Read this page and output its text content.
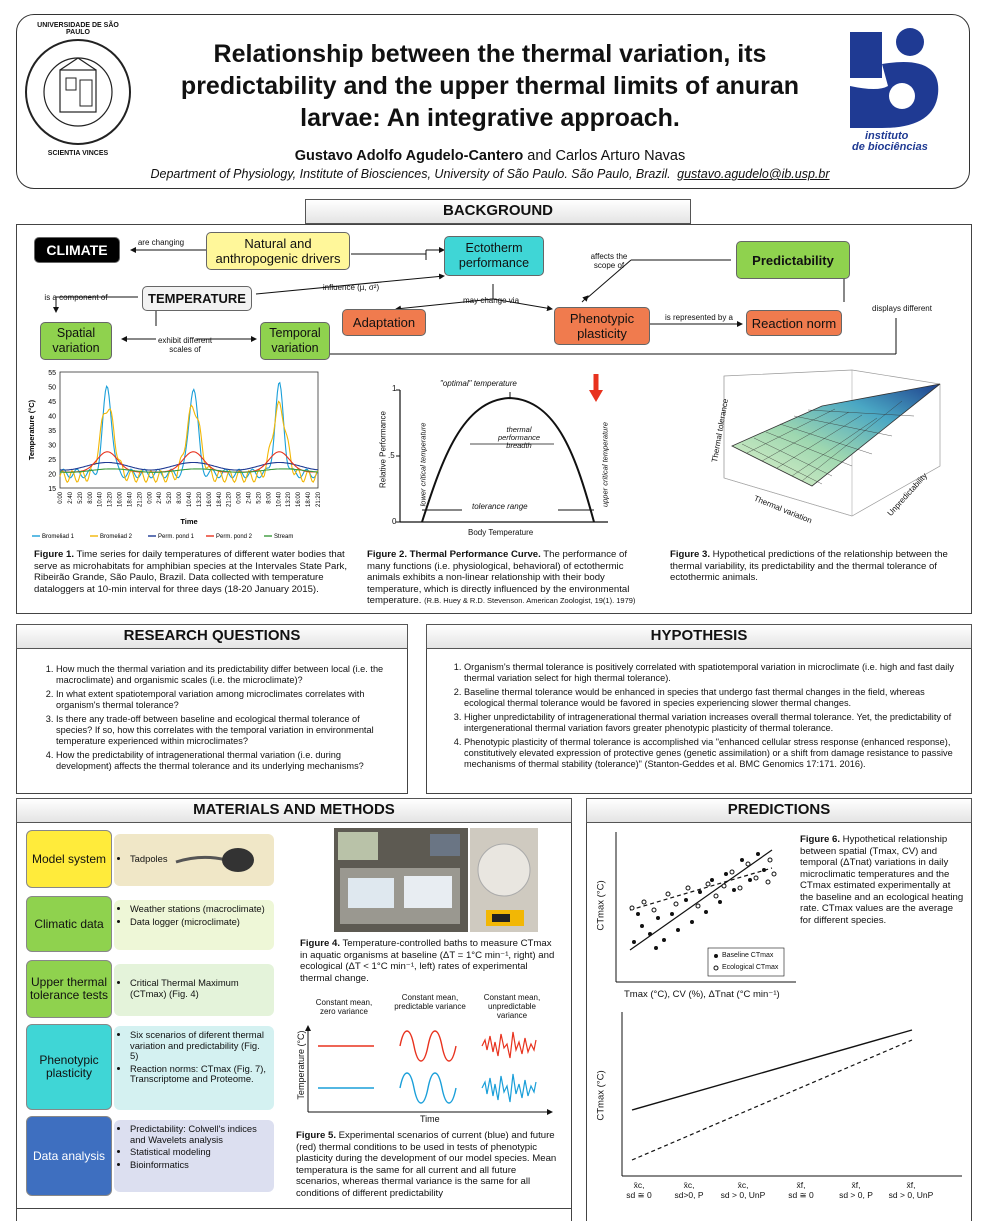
UNIVERSIDADE DE SÃO PAULO
SCIENTIA VINCES
Relationship between the thermal variation, its predictability and the upper thermal limits of anuran larvae: An integrative approach.
Gustavo Adolfo Agudelo-Cantero and Carlos Arturo Navas
Department of Physiology, Institute of Biosciences, University of São Paulo. São Paulo, Brazil. gustavo.agudelo@ib.usp.br
instituto
de biociências
BACKGROUND
CLIMATE	are changing	Natural and anthropogenic drivers
Ectotherm performance	affects the scope of	Predictability
is a component of	TEMPERATURE
influence (µ, σ²)
may change via
displays different
Spatial variation
exhibit different scales of
Temporal variation
Adaptation	Phenotypic plasticity
is represented by a	Reaction norm
55
50
45
40
35
30
25
20
15
0:00 2:40 5:20 8:00 10:40 13:20 16:00 18:40 21:20 0:00 2:40 5:20 8:00 10:40 13:20 16:00 18:40 21:20 0:00 2:40 5:20 8:00 10:40 13:20 16:00 18:40 21:20
Temperature (°C)
Time
Bromeliad 1	Bromeliad 2	Perm. pond 1	Perm. pond 2	Stream
Figure 1. Time series for daily temperatures of different water bodies that serve as microhabitats for amphibian species at the Intervales State Park, Ribeirão Grande, São Paulo, Brazil. Data collected with temperature dataloggers at 10-min interval for three days (18-20 January 2015).
"optimal" temperature
thermal performance breadth
tolerance range
lower critical temperature	upper critical temperature
Relative Performance
Body Temperature
1
.5
0
Figure 2. Thermal Performance Curve. The performance of many functions (i.e. physiological, behavioral) of ectothermic animals exhibits a non-linear relationship with their body temperature, which is directly influenced by the environmental temperature. (R.B. Huey & R.D. Stevenson. American Zoologist, 19(1). 1979)
Thermal tolerance
Thermal variation	Unpredictability
Figure 3. Hypothetical predictions of the relationship between the thermal variability, its predictability and the thermal tolerance of ectothermic animals.
RESEARCH QUESTIONS
1. How much the thermal variation and its predictability differ between local (i.e. the macroclimate) and organismic scales (i.e. the microclimate)?
2. In what extent spatiotemporal variation among microclimates correlates with organism's thermal tolerance?
3. Is there any trade-off between baseline and ecological thermal tolerance of species? If so, how this correlates with the temporal variation in environmental temperature experienced within microclimates?
4. How the predictability of intragenerational thermal variation (i.e. during development) affects the thermal tolerance and its underlying mechanisms?
HYPOTHESIS
1. Organism's thermal tolerance is positively correlated with spatiotemporal variation in microclimate (i.e. high and fast daily thermal variation select for high thermal tolerance).
2. Baseline thermal tolerance would be enhanced in species that undergo fast thermal changes in the field, whereas ecological thermal tolerance would be favored in species experiencing slower thermal changes.
3. Higher unpredictability of intragenerational thermal variation increases overall thermal tolerance. Yet, the predictability of intergenerational thermal variation favors greater phenotypic plasticity of thermal tolerance.
4. Phenotypic plasticity of thermal tolerance is accomplished via "enhanced cellular stress response (enhanced response), constitutively elevated expression of protective genes (genetic assimilation) or a shift from damage resistance to passive mechanisms of thermal stability (tolerance)" (Stanton-Geddes et al. BMC Genomics 17:171. 2016).
MATERIALS AND METHODS
Model system
•	Tadpoles
Climatic data
• Weather stations (macroclimate)
• Data logger (microclimate)
Upper thermal tolerance tests
• Critical Thermal Maximum (CTmax) (Fig. 4)
Phenotypic plasticity
• Six scenarios of diferent thermal variation and predictability (Fig. 5)
• Reaction norms: CTmax (Fig. 7), Transcriptome and Proteome.
Data analysis
• Predictability: Colwell's indices and Wavelets analysis
• Statistical modeling
• Bioinformatics
Figure 4. Temperature-controlled baths to measure CTmax in aquatic organisms at baseline (ΔT = 1°C min⁻¹, right) and ecological (ΔT < 1°C min⁻¹, left) rates of experimental thermal change.
Constant mean, zero variance
Constant mean, predictable variance
Constant mean, unpredictable variance
Temperature (°C)
Time
Figure 5. Experimental scenarios of current (blue) and future (red) thermal conditions to be used in tests of phenotypic plasticity during the development of our model species. Mean temperatura is the same for all current and all future scenarios, whereas thermal variance is the same for all conditions of different predictability
PREDICTIONS
Baseline CTmax
Ecological CTmax
CTmax (°C)
Tmax (°C), CV (%), ΔTnat (°C min⁻¹)
Figure 6. Hypothetical relationship between spatial (Tmax, CV) and temporal (ΔTnat) variations in daily microclimatic temperatures and the CTmax estimated experimentally at the baseline and an ecological heating rate. CTmax values are the average for different species.
CTmax (°C)
x̄c,
sd ≅ 0
x̄c,
sd>0, P
x̄c,
sd > 0, UnP
x̄f,
sd ≅ 0
x̄f,
sd > 0, P
x̄f,
sd > 0, UnP
